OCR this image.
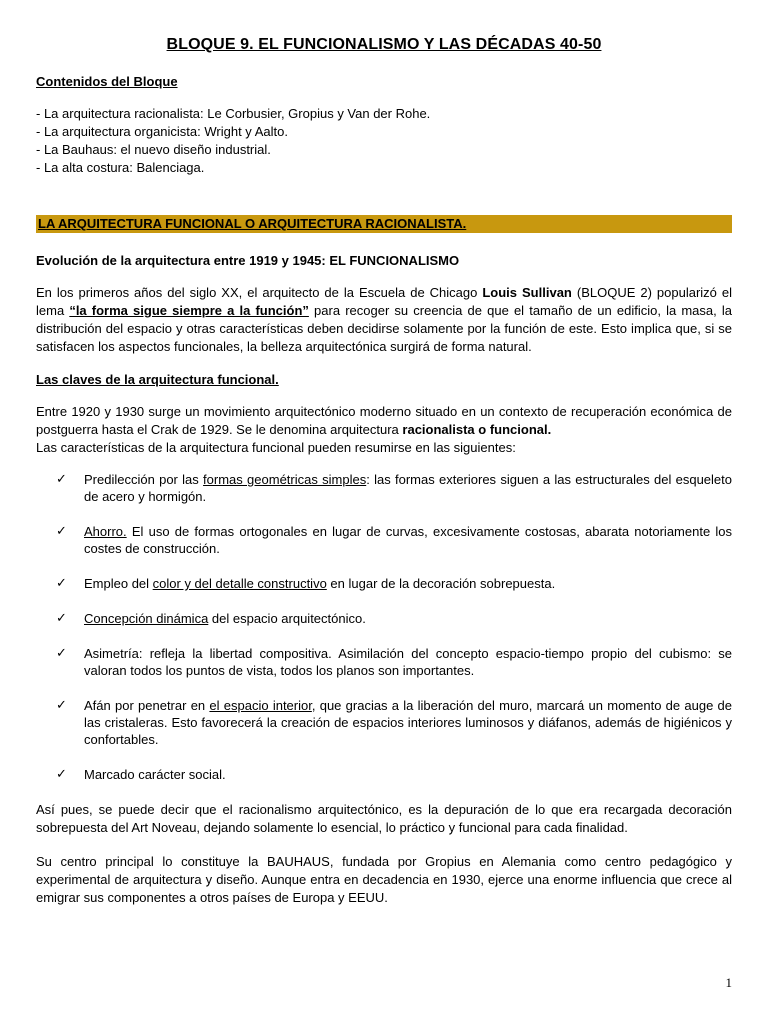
BLOQUE 9. EL FUNCIONALISMO Y LAS DÉCADAS 40-50
Contenidos del Bloque
- La arquitectura racionalista: Le Corbusier, Gropius y Van der Rohe.
- La arquitectura organicista: Wright y Aalto.
- La Bauhaus: el nuevo diseño industrial.
- La alta costura: Balenciaga.
LA ARQUITECTURA FUNCIONAL O ARQUITECTURA RACIONALISTA.
Evolución de la arquitectura entre 1919 y 1945: EL FUNCIONALISMO

En los primeros años del siglo XX, el arquitecto de la Escuela de Chicago Louis Sullivan (BLOQUE 2) popularizó el lema “la forma sigue siempre a la función” para recoger su creencia de que el tamaño de un edificio, la masa, la distribución del espacio y otras características deben decidirse solamente por la función de este. Esto implica que, si se satisfacen los aspectos funcionales, la belleza arquitectónica surgirá de forma natural.

Las claves de la arquitectura funcional.

Entre 1920 y 1930 surge un movimiento arquitectónico moderno situado en un contexto de recuperación económica de postguerra hasta el Crak de 1929. Se le denomina arquitectura racionalista o funcional.
Las características de la arquitectura funcional pueden resumirse en las siguientes:

✓ Predilección por las formas geométricas simples: las formas exteriores siguen a las estructurales del esqueleto de acero y hormigón.
✓ Ahorro. El uso de formas ortogonales en lugar de curvas, excesivamente costosas, abarata notoriamente los costes de construcción.
✓ Empleo del color y del detalle constructivo en lugar de la decoración sobrepuesta.
✓ Concepción dinámica del espacio arquitectónico.
✓ Asimetría: refleja la libertad compositiva. Asimilación del concepto espacio-tiempo propio del cubismo: se valoran todos los puntos de vista, todos los planos son importantes.
✓ Afán por penetrar en el espacio interior, que gracias a la liberación del muro, marcará un momento de auge de las cristaleras. Esto favorecerá la creación de espacios interiores luminosos y diáfanos, además de higiénicos y confortables.
✓ Marcado carácter social.

Así pues, se puede decir que el racionalismo arquitectónico, es la depuración de lo que era recargada decoración sobrepuesta del Art Noveau, dejando solamente lo esencial, lo práctico y funcional para cada finalidad.

Su centro principal lo constituye la BAUHAUS, fundada por Gropius en Alemania como centro pedagógico y experimental de arquitectura y diseño. Aunque entra en decadencia en 1930, ejerce una enorme influencia que crece al emigrar sus componentes a otros países de Europa y EEUU.

1
